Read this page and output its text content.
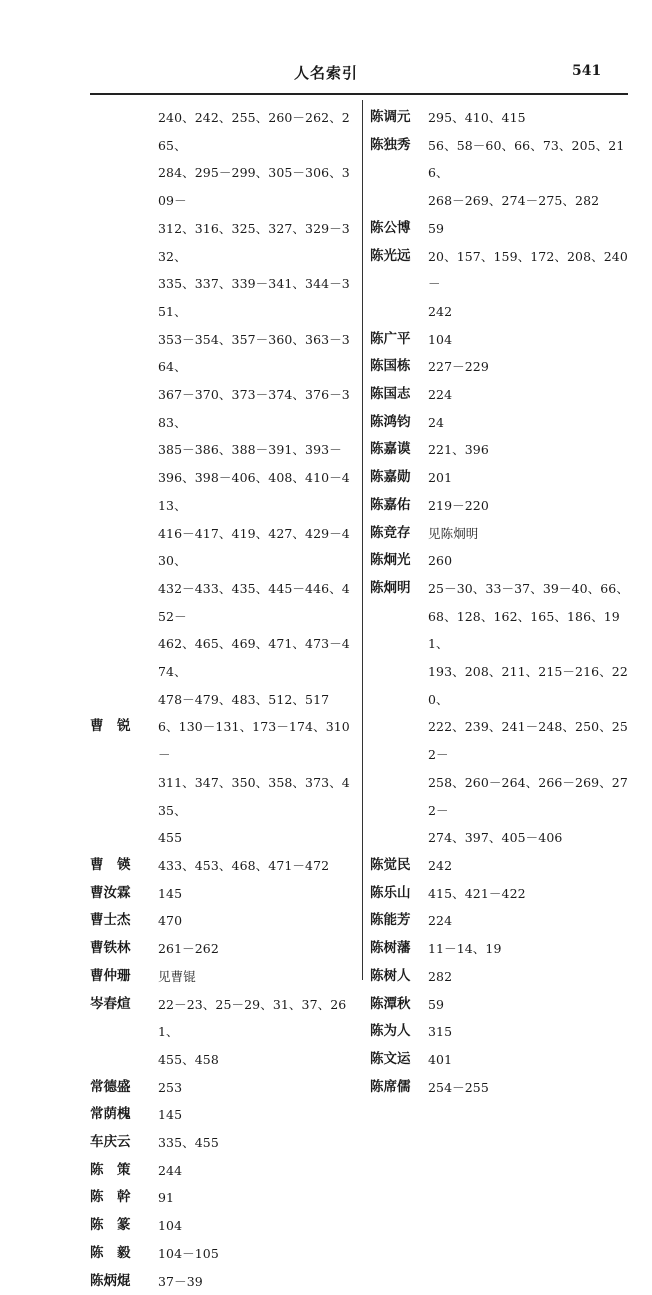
人名索引	541
240、242、255、260－262、265、
284、295－299、305－306、309－
312、316、325、327、329－332、
335、337、339－341、344－351、
353－354、357－360、363－364、
367－370、373－374、376－383、
385－386、388－391、393－
396、398－406、408、410－413、
416－417、419、427、429－430、
432－433、435、445－446、452－
462、465、469、471、473－474、
478－479、483、512、517
曹　锐	6、130－131、173－174、310－
311、347、350、358、373、435、
455
曹　锳	433、453、468、471－472
曹汝霖	145
曹士杰	470
曹铁林	261－262
曹仲珊	见曹锟
岑春煊	22－23、25－29、31、37、261、
455、458
常德盛	253
常荫槐	145
车庆云	335、455
陈　策	244
陈　幹	91
陈　篆	104
陈　毅	104－105
陈炳焜	37－39
陈调元	295、410、415
陈独秀	56、58－60、66、73、205、216、
268－269、274－275、282
陈公博	59
陈光远	20、157、159、172、208、240－
242
陈广平	104
陈国栋	227－229
陈国志	224
陈鸿钧	24
陈嘉谟	221、396
陈嘉勋	201
陈嘉佑	219－220
陈竞存	见陈炯明
陈炯光	260
陈炯明	25－30、33－37、39－40、66、
68、128、162、165、186、191、
193、208、211、215－216、220、
222、239、241－248、250、252－
258、260－264、266－269、272－
274、397、405－406
陈觉民	242
陈乐山	415、421－422
陈能芳	224
陈树藩	11－14、19
陈树人	282
陈潭秋	59
陈为人	315
陈文运	401
陈席儒	254－255
